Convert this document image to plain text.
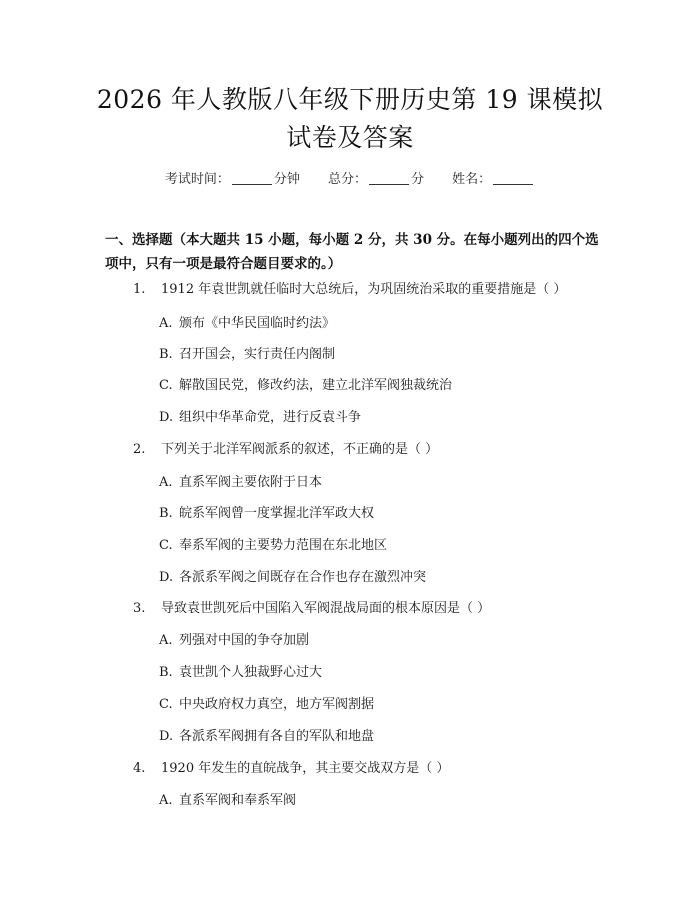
2026 年人教版八年级下册历史第 19 课模拟
试卷及答案
考试时间：	分钟 总分：	分 姓名：
一、选择题（本大题共 15 小题，每小题 2 分，共 30 分。在每小题列出的四个选项中，只有一项是最符合题目要求的。）
1. 1912 年袁世凯就任临时大总统后，为巩固统治采取的重要措施是（ ）
A. 颁布《中华民国临时约法》
B. 召开国会，实行责任内阁制
C. 解散国民党，修改约法，建立北洋军阀独裁统治
D. 组织中华革命党，进行反袁斗争
2. 下列关于北洋军阀派系的叙述，不正确的是（ ）
A. 直系军阀主要依附于日本
B. 皖系军阀曾一度掌握北洋军政大权
C. 奉系军阀的主要势力范围在东北地区
D. 各派系军阀之间既存在合作也存在激烈冲突
3. 导致袁世凯死后中国陷入军阀混战局面的根本原因是（ ）
A. 列强对中国的争夺加剧
B. 袁世凯个人独裁野心过大
C. 中央政府权力真空，地方军阀割据
D. 各派系军阀拥有各自的军队和地盘
4. 1920 年发生的直皖战争，其主要交战双方是（ ）
A. 直系军阀和奉系军阀
